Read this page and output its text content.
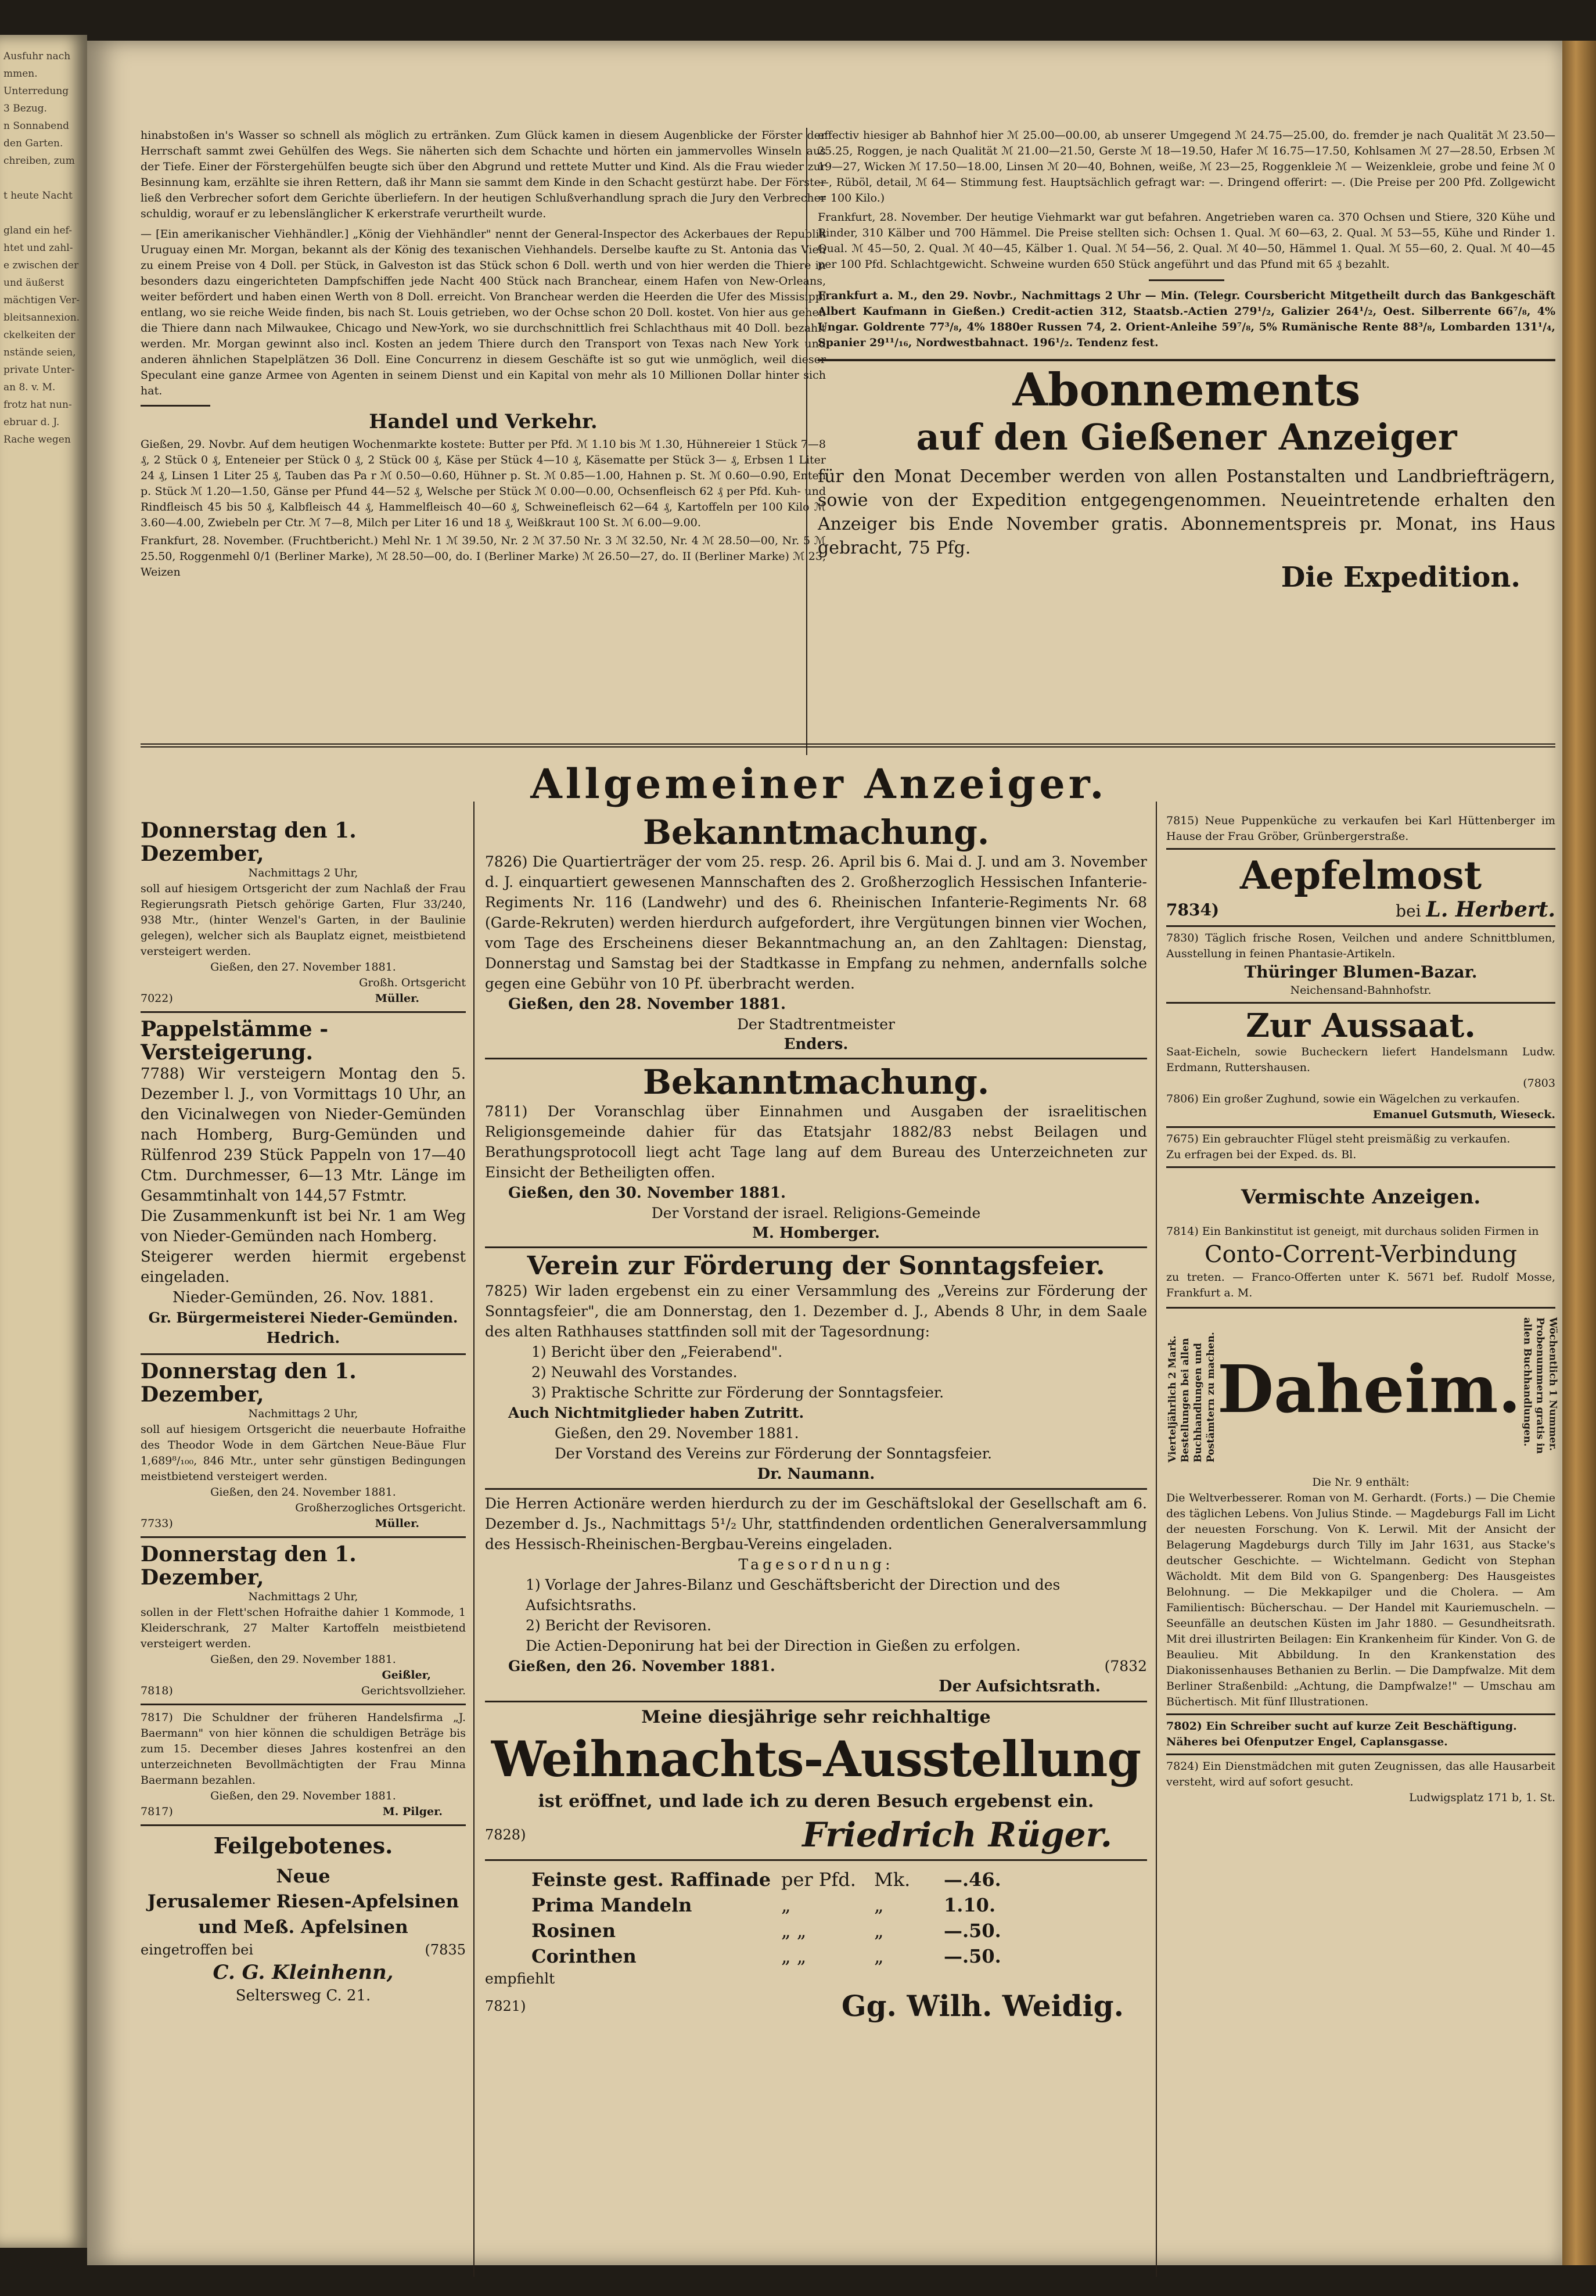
Ausfuhr nach
mmen.
Unterredung
3 Bezug.
n Sonnabend
den Garten.
chreiben, zum

t heute Nacht

gland ein hef-
htet und zahl-
e zwischen der
und äußerst
mächtigen Ver-
bleitsannexion.
ckelkeiten der
nstände seien,
private Unter-
an 8. v. M.
frotz hat nun-
ebruar d. J.
Rache wegen
hinabstoßen in's Wasser so schnell als möglich zu ertränken. Zum Glück kamen in diesem Augenblicke der Förster der Herrschaft sammt zwei Gehülfen des Wegs. Sie näherten sich dem Schachte und hörten ein jammervolles Winseln aus der Tiefe. Einer der Förstergehülfen beugte sich über den Abgrund und rettete Mutter und Kind. Als die Frau wieder zur Besinnung kam, erzählte sie ihren Rettern, daß ihr Mann sie sammt dem Kinde in den Schacht gestürzt habe. Der Förster ließ den Verbrecher sofort dem Gerichte überliefern. In der heutigen Schlußverhandlung sprach die Jury den Verbrecher schuldig, worauf er zu lebenslänglicher K erkerstrafe verurtheilt wurde.
— [Ein amerikanischer Viehhändler.] „König der Viehhändler" nennt der General-Inspector des Ackerbaues der Republik Uruguay einen Mr. Morgan, bekannt als der König des texanischen Viehhandels. Derselbe kaufte zu St. Antonia das Vieh zu einem Preise von 4 Doll. per Stück, in Galveston ist das Stück schon 6 Doll. werth und von hier werden die Thiere in besonders dazu eingerichteten Dampfschiffen jede Nacht 400 Stück nach Branchear, einem Hafen von New-Orleans, weiter befördert und haben einen Werth von 8 Doll. erreicht. Von Branchear werden die Heerden die Ufer des Missisippi entlang, wo sie reiche Weide finden, bis nach St. Louis getrieben, wo der Ochse schon 20 Doll. kostet. Von hier aus gehen die Thiere dann nach Milwaukee, Chicago und New-York, wo sie durchschnittlich frei Schlachthaus mit 40 Doll. bezahlt werden. Mr. Morgan gewinnt also incl. Kosten an jedem Thiere durch den Transport von Texas nach New York und anderen ähnlichen Stapelplätzen 36 Doll. Eine Concurrenz in diesem Geschäfte ist so gut wie unmöglich, weil dieser Speculant eine ganze Armee von Agenten in seinem Dienst und ein Kapital von mehr als 10 Millionen Dollar hinter sich hat.
Handel und Verkehr.
Gießen, 29. Novbr. Auf dem heutigen Wochenmarkte kostete: Butter per Pfd. ℳ 1.10 bis ℳ 1.30, Hühnereier 1 Stück 7—8 ₰, 2 Stück 0 ₰, Enteneier per Stück 0 ₰, 2 Stück 00 ₰, Käse per Stück 4—10 ₰, Käsematte per Stück 3— ₰, Erbsen 1 Liter 24 ₰, Linsen 1 Liter 25 ₰, Tauben das Pa r ℳ 0.50—0.60, Hühner p. St. ℳ 0.85—1.00, Hahnen p. St. ℳ 0.60—0.90, Enten p. Stück ℳ 1.20—1.50, Gänse per Pfund 44—52 ₰, Welsche per Stück ℳ 0.00—0.00, Ochsenfleisch 62 ₰ per Pfd. Kuh- und Rindfleisch 45 bis 50 ₰, Kalbfleisch 44 ₰, Hammelfleisch 40—60 ₰, Schweinefleisch 62—64 ₰, Kartoffeln per 100 Kilo ℳ 3.60—4.00, Zwiebeln per Ctr. ℳ 7—8, Milch per Liter 16 und 18 ₰, Weißkraut 100 St. ℳ 6.00—9.00.
Frankfurt, 28. November. (Fruchtbericht.) Mehl Nr. 1 ℳ 39.50, Nr. 2 ℳ 37.50 Nr. 3 ℳ 32.50, Nr. 4 ℳ 28.50—00, Nr. 5 ℳ 25.50, Roggenmehl 0/1 (Berliner Marke), ℳ 28.50—00, do. I (Berliner Marke) ℳ 26.50—27, do. II (Berliner Marke) ℳ 23, Weizen
effectiv hiesiger ab Bahnhof hier ℳ 25.00—00.00, ab unserer Umgegend ℳ 24.75—25.00, do. fremder je nach Qualität ℳ 23.50—25.25, Roggen, je nach Qualität ℳ 21.00—21.50, Gerste ℳ 18—19.50, Hafer ℳ 16.75—17.50, Kohlsamen ℳ 27—28.50, Erbsen ℳ 19—27, Wicken ℳ 17.50—18.00, Linsen ℳ 20—40, Bohnen, weiße, ℳ 23—25, Roggenkleie ℳ — Weizenkleie, grobe und feine ℳ 0—, Rüböl, detail, ℳ 64— Stimmung fest. Hauptsächlich gefragt war: —. Dringend offerirt: —. (Die Preise per 200 Pfd. Zollgewicht = 100 Kilo.)
Frankfurt, 28. November. Der heutige Viehmarkt war gut befahren. Angetrieben waren ca. 370 Ochsen und Stiere, 320 Kühe und Rinder, 310 Kälber und 700 Hämmel. Die Preise stellten sich: Ochsen 1. Qual. ℳ 60—63, 2. Qual. ℳ 53—55, Kühe und Rinder 1. Qual. ℳ 45—50, 2. Qual. ℳ 40—45, Kälber 1. Qual. ℳ 54—56, 2. Qual. ℳ 40—50, Hämmel 1. Qual. ℳ 55—60, 2. Qual. ℳ 40—45 per 100 Pfd. Schlachtgewicht. Schweine wurden 650 Stück angeführt und das Pfund mit 65 ₰ bezahlt.
Frankfurt a. M., den 29. Novbr., Nachmittags 2 Uhr — Min. (Telegr. Coursbericht Mitgetheilt durch das Bankgeschäft Albert Kaufmann in Gießen.) Credit-actien 312, Staatsb.-Actien 279¹/₂, Galizier 264¹/₂, Oest. Silberrente 66⁷/₈, 4% Ungar. Goldrente 77³/₈, 4% 1880er Russen 74, 2. Orient-Anleihe 59⁷/₈, 5% Rumänische Rente 88³/₈, Lombarden 131¹/₄, Spanier 29¹¹/₁₆, Nordwestbahnact. 196¹/₂. Tendenz fest.
Abonnements
auf den Gießener Anzeiger
für den Monat December werden von allen Postanstalten und Landbriefträgern, sowie von der Expedition entgegengenommen. Neueintretende erhalten den Anzeiger bis Ende November gratis. Abonnementspreis pr. Monat, ins Haus gebracht, 75 Pfg.
Die Expedition.
Allgemeiner Anzeiger.
Donnerstag den 1. Dezember,
Nachmittags 2 Uhr,
soll auf hiesigem Ortsgericht der zum Nachlaß der Frau Regierungsrath Pietsch gehörige Garten, Flur 33/240, 938 Mtr., (hinter Wenzel's Garten, in der Baulinie gelegen), welcher sich als Bauplatz eignet, meistbietend versteigert werden.
Gießen, den 27. November 1881.
Großh. Ortsgericht
7022)	Müller.
Pappelstämme - Versteigerung.
7788) Wir versteigern Montag den 5. Dezember l. J., von Vormittags 10 Uhr, an den Vicinalwegen von Nieder-Gemünden nach Homberg, Burg-Gemünden und Rülfenrod 239 Stück Pappeln von 17—40 Ctm. Durchmesser, 6—13 Mtr. Länge im Gesammtinhalt von 144,57 Fstmtr.
Die Zusammenkunft ist bei Nr. 1 am Weg von Nieder-Gemünden nach Homberg.
Steigerer werden hiermit ergebenst eingeladen.
Nieder-Gemünden, 26. Nov. 1881.
Gr. Bürgermeisterei Nieder-Gemünden.
Hedrich.
Donnerstag den 1. Dezember,
Nachmittags 2 Uhr,
soll auf hiesigem Ortsgericht die neuerbaute Hofraithe des Theodor Wode in dem Gärtchen Neue-Bäue Flur 1,689⁸/₁₀₀, 846 Mtr., unter sehr günstigen Bedingungen meistbietend versteigert werden.
Gießen, den 24. November 1881.
Großherzogliches Ortsgericht.
7733)	Müller.
Donnerstag den 1. Dezember,
Nachmittags 2 Uhr,
sollen in der Flett'schen Hofraithe dahier 1 Kommode, 1 Kleiderschrank, 27 Malter Kartoffeln meistbietend versteigert werden.
Gießen, den 29. November 1881.
Geißler,
7818)	Gerichtsvollzieher.
7817) Die Schuldner der früheren Handelsfirma „J. Baermann" von hier können die schuldigen Beträge bis zum 15. December dieses Jahres kostenfrei an den unterzeichneten Bevollmächtigten der Frau Minna Baermann bezahlen.
Gießen, den 29. November 1881.
7817)	M. Pilger.
Feilgebotenes.
Neue
Jerusalemer Riesen-Apfelsinen
und Meß. Apfelsinen
eingetroffen bei	(7835
C. G. Kleinhenn,
Seltersweg C. 21.
Bekanntmachung.
7826) Die Quartierträger der vom 25. resp. 26. April bis 6. Mai d. J. und am 3. November d. J. einquartiert gewesenen Mannschaften des 2. Großherzoglich Hessischen Infanterie-Regiments Nr. 116 (Landwehr) und des 6. Rheinischen Infanterie-Regiments Nr. 68 (Garde-Rekruten) werden hierdurch aufgefordert, ihre Vergütungen binnen vier Wochen, vom Tage des Erscheinens dieser Bekanntmachung an, an den Zahltagen: Dienstag, Donnerstag und Samstag bei der Stadtkasse in Empfang zu nehmen, andernfalls solche gegen eine Gebühr von 10 Pf. überbracht werden.
Gießen, den 28. November 1881.
Der Stadtrentmeister
Enders.
Bekanntmachung.
7811) Der Voranschlag über Einnahmen und Ausgaben der israelitischen Religionsgemeinde dahier für das Etatsjahr 1882/83 nebst Beilagen und Berathungsprotocoll liegt acht Tage lang auf dem Bureau des Unterzeichneten zur Einsicht der Betheiligten offen.
Gießen, den 30. November 1881.
Der Vorstand der israel. Religions-Gemeinde
M. Homberger.
Verein zur Förderung der Sonntagsfeier.
7825) Wir laden ergebenst ein zu einer Versammlung des „Vereins zur Förderung der Sonntagsfeier", die am Donnerstag, den 1. Dezember d. J., Abends 8 Uhr, in dem Saale des alten Rathhauses stattfinden soll mit der Tagesordnung:
1) Bericht über den „Feierabend".
2) Neuwahl des Vorstandes.
3) Praktische Schritte zur Förderung der Sonntagsfeier.
Auch Nichtmitglieder haben Zutritt.
Gießen, den 29. November 1881.
Der Vorstand des Vereins zur Förderung der Sonntagsfeier.
Dr. Naumann.
Die Herren Actionäre werden hierdurch zu der im Geschäftslokal der Gesellschaft am 6. Dezember d. Js., Nachmittags 5¹/₂ Uhr, stattfindenden ordentlichen Generalversammlung des Hessisch-Rheinischen-Bergbau-Vereins eingeladen.
Tagesordnung:
1) Vorlage der Jahres-Bilanz und Geschäftsbericht der Direction und des Aufsichtsraths.
2) Bericht der Revisoren.
Die Actien-Deponirung hat bei der Direction in Gießen zu erfolgen.
Gießen, den 26. November 1881.	(7832
Der Aufsichtsrath.
Meine diesjährige sehr reichhaltige
Weihnachts-Ausstellung
ist eröffnet, und lade ich zu deren Besuch ergebenst ein.
7828)	Friedrich Rüger.
Feinste gest. Raffinade per Pfd. Mk.	—.46.
Prima Mandeln	„	„	1.10.
Rosinen	„ „	„	—.50.
Corinthen	„ „	„	—.50.
empfiehlt
7821)	Gg. Wilh. Weidig.
7815) Neue Puppenküche zu verkaufen bei Karl Hüttenberger im Hause der Frau Gröber, Grünbergerstraße.
Aepfelmost
7834)	bei L. Herbert.
7830) Täglich frische Rosen, Veilchen und andere Schnittblumen, Ausstellung in feinen Phantasie-Artikeln.
Thüringer Blumen-Bazar.
Neichensand-Bahnhofstr.
Zur Aussaat.
Saat-Eicheln, sowie Bucheckern liefert Handelsmann Ludw. Erdmann, Ruttershausen.
(7803
7806) Ein großer Zughund, sowie ein Wägelchen zu verkaufen.
Emanuel Gutsmuth, Wieseck.
7675) Ein gebrauchter Flügel steht preismäßig zu verkaufen.
Zu erfragen bei der Exped. ds. Bl.
Vermischte Anzeigen.
7814) Ein Bankinstitut ist geneigt, mit durchaus soliden Firmen in
Conto-Corrent-Verbindung
zu treten. — Franco-Offerten unter K. 5671 bef. Rudolf Mosse, Frankfurt a. M.
Vierteljährlich 2 Mark. Bestellungen bei allen Buchhandlungen und Postämtern zu machen. Daheim.	Wöchentlich 1 Nummer. Probenummern gratis in allen Buchhandlungen.
Die Nr. 9 enthält:
Die Weltverbesserer. Roman von M. Gerhardt. (Forts.) — Die Chemie des täglichen Lebens. Von Julius Stinde. — Magdeburgs Fall im Licht der neuesten Forschung. Von K. Lerwil. Mit der Ansicht der Belagerung Magdeburgs durch Tilly im Jahr 1631, aus Stacke's deutscher Geschichte. — Wichtelmann. Gedicht von Stephan Wächoldt. Mit dem Bild von G. Spangenberg: Des Hausgeistes Belohnung. — Die Mekkapilger und die Cholera. — Am Familientisch: Bücherschau. — Der Handel mit Kauriemuscheln. — Seeunfälle an deutschen Küsten im Jahr 1880. — Gesundheitsrath. Mit drei illustrirten Beilagen: Ein Krankenheim für Kinder. Von G. de Beaulieu. Mit Abbildung. In den Krankenstation des Diakonissenhauses Bethanien zu Berlin. — Die Dampfwalze. Mit dem Berliner Straßenbild: „Achtung, die Dampfwalze!" — Umschau am Büchertisch. Mit fünf Illustrationen.
7802) Ein Schreiber sucht auf kurze Zeit Beschäftigung.
Näheres bei Ofenputzer Engel, Caplansgasse.
7824) Ein Dienstmädchen mit guten Zeugnissen, das alle Hausarbeit versteht, wird auf sofort gesucht.
Ludwigsplatz 171 b, 1. St.
